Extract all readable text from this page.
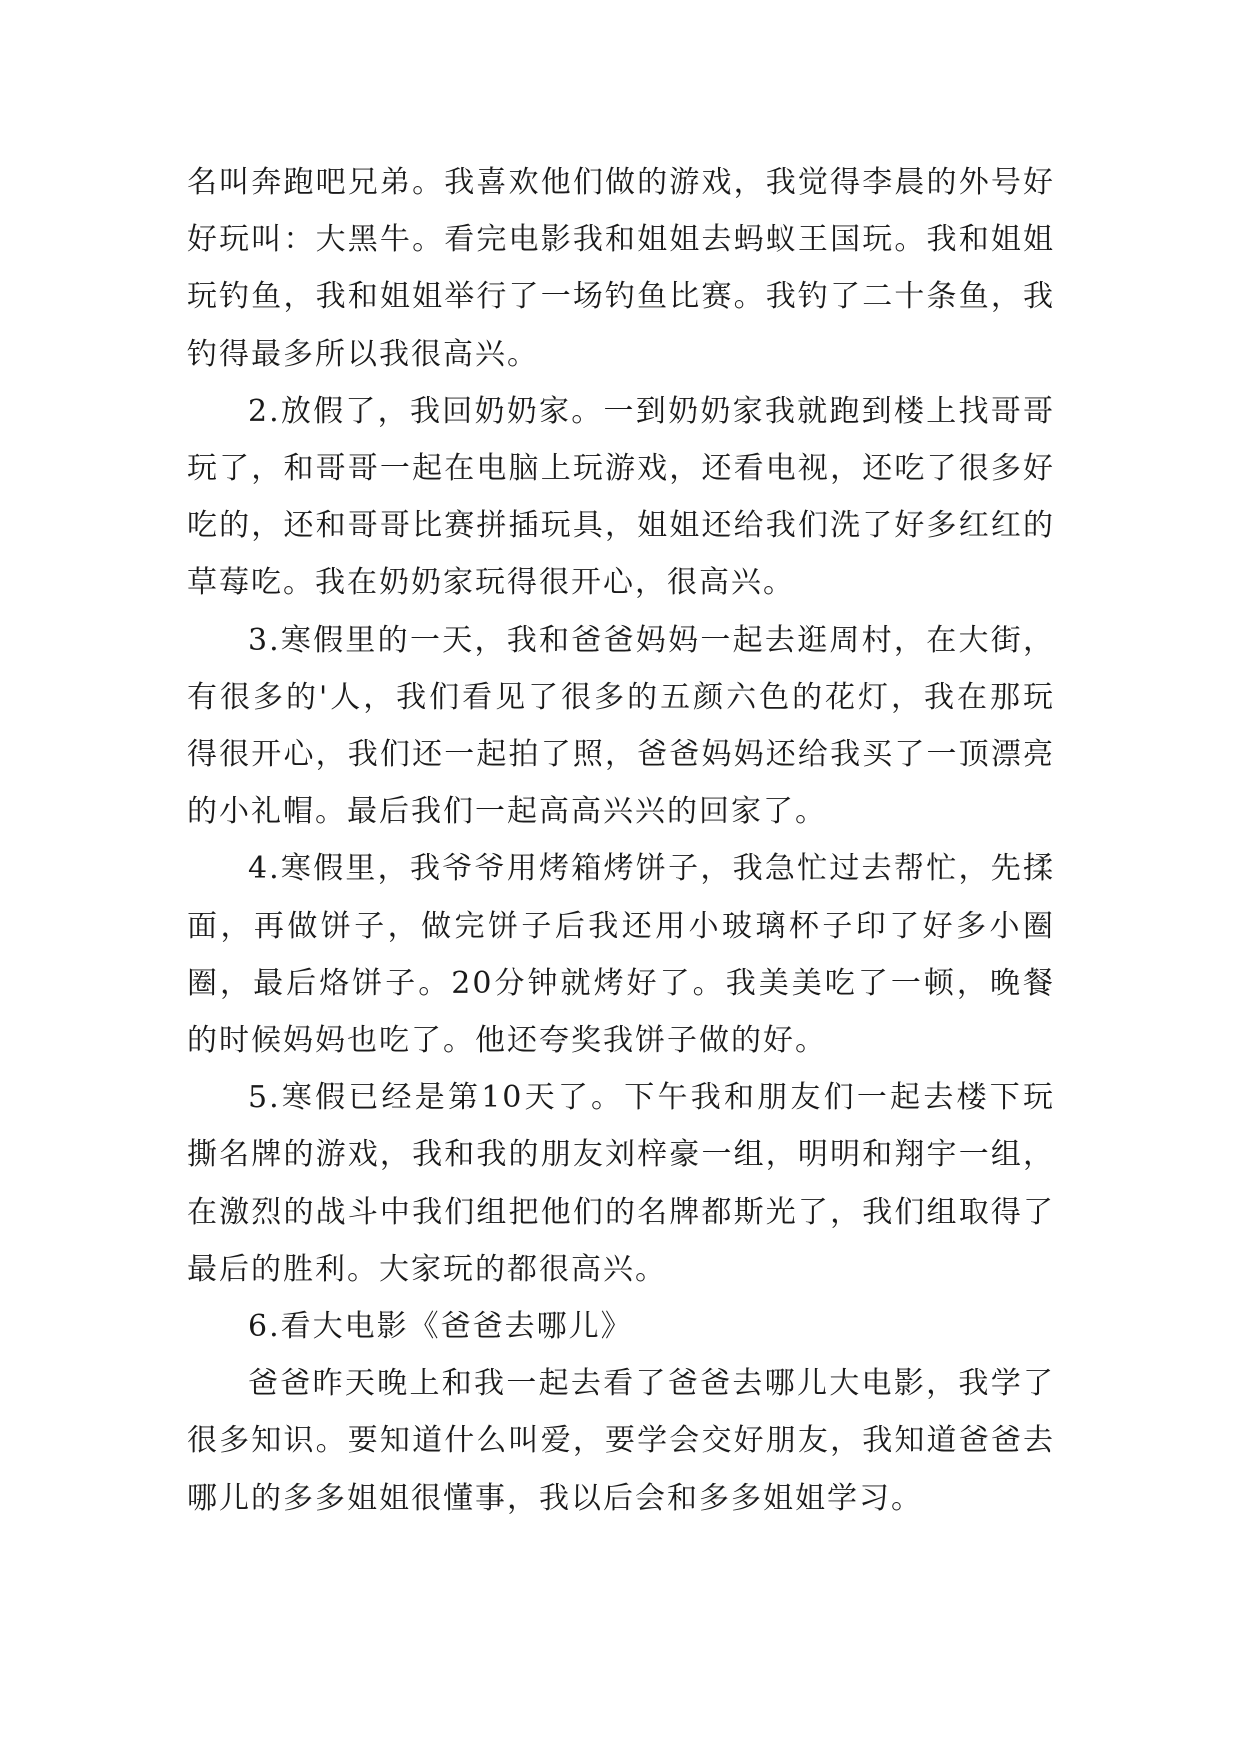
名叫奔跑吧兄弟。我喜欢他们做的游戏，我觉得李晨的外号好好玩叫：大黑牛。看完电影我和姐姐去蚂蚁王国玩。我和姐姐玩钓鱼，我和姐姐举行了一场钓鱼比赛。我钓了二十条鱼，我钓得最多所以我很高兴。

2.放假了，我回奶奶家。一到奶奶家我就跑到楼上找哥哥玩了，和哥哥一起在电脑上玩游戏，还看电视，还吃了很多好吃的，还和哥哥比赛拼插玩具，姐姐还给我们洗了好多红红的草莓吃。我在奶奶家玩得很开心，很高兴。

3.寒假里的一天，我和爸爸妈妈一起去逛周村，在大街，有很多的'人，我们看见了很多的五颜六色的花灯，我在那玩得很开心，我们还一起拍了照，爸爸妈妈还给我买了一顶漂亮的小礼帽。最后我们一起高高兴兴的回家了。

4.寒假里，我爷爷用烤箱烤饼子，我急忙过去帮忙，先揉面，再做饼子，做完饼子后我还用小玻璃杯子印了好多小圈圈，最后烙饼子。20分钟就烤好了。我美美吃了一顿，晚餐的时候妈妈也吃了。他还夸奖我饼子做的好。

5.寒假已经是第10天了。下午我和朋友们一起去楼下玩撕名牌的游戏，我和我的朋友刘梓豪一组，明明和翔宇一组，在激烈的战斗中我们组把他们的名牌都斯光了，我们组取得了最后的胜利。大家玩的都很高兴。

6.看大电影《爸爸去哪儿》

爸爸昨天晚上和我一起去看了爸爸去哪儿大电影，我学了很多知识。要知道什么叫爱，要学会交好朋友，我知道爸爸去哪儿的多多姐姐很懂事，我以后会和多多姐姐学习。
